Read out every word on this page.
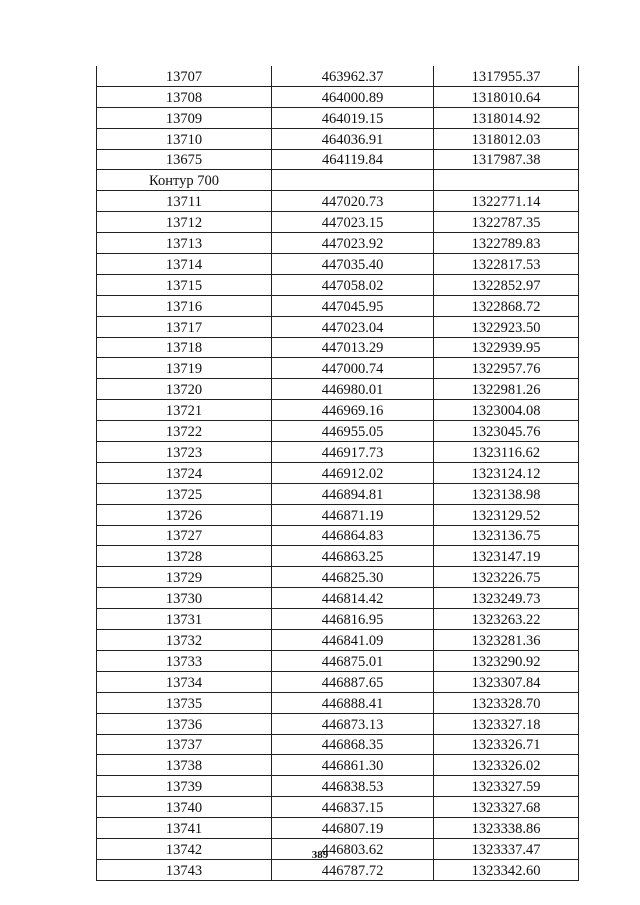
13707	463962.37	1317955.37
13708	464000.89	1318010.64
13709	464019.15	1318014.92
13710	464036.91	1318012.03
13675	464119.84	1317987.38
Контур 700		
13711	447020.73	1322771.14
13712	447023.15	1322787.35
13713	447023.92	1322789.83
13714	447035.40	1322817.53
13715	447058.02	1322852.97
13716	447045.95	1322868.72
13717	447023.04	1322923.50
13718	447013.29	1322939.95
13719	447000.74	1322957.76
13720	446980.01	1322981.26
13721	446969.16	1323004.08
13722	446955.05	1323045.76
13723	446917.73	1323116.62
13724	446912.02	1323124.12
13725	446894.81	1323138.98
13726	446871.19	1323129.52
13727	446864.83	1323136.75
13728	446863.25	1323147.19
13729	446825.30	1323226.75
13730	446814.42	1323249.73
13731	446816.95	1323263.22
13732	446841.09	1323281.36
13733	446875.01	1323290.92
13734	446887.65	1323307.84
13735	446888.41	1323328.70
13736	446873.13	1323327.18
13737	446868.35	1323326.71
13738	446861.30	1323326.02
13739	446838.53	1323327.59
13740	446837.15	1323327.68
13741	446807.19	1323338.86
13742	446803.62	1323337.47
13743	446787.72	1323342.60
389
